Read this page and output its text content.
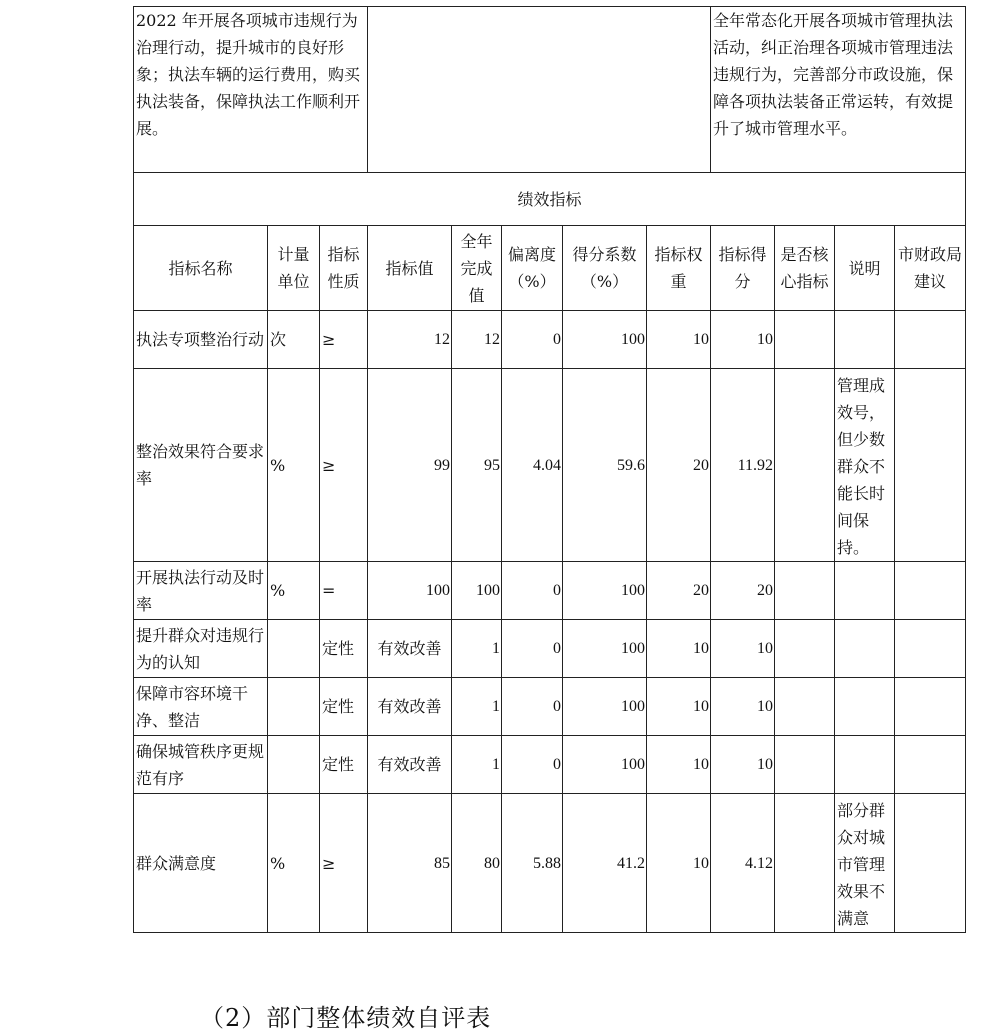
2022 年开展各项城市违规行为治理行动，提升城市的良好形象；执法车辆的运行费用，购买执法装备，保障执法工作顺利开展。								全年常态化开展各项城市管理执法活动，纠正治理各项城市管理违法违规行为，完善部分市政设施，保障各项执法装备正常运转，有效提升了城市管理水平。			
绩效指标											
指标名称	计量单位	指标性质	指标值	全年完成值	偏离度（%）	得分系数（%）	指标权重	指标得分	是否核心指标	说明	市财政局建议
执法专项整治行动	次	≥	12	12	0	100	10	10			
整治效果符合要求率	%	≥	99	95	4.04	59.6	20	11.92		管理成效号，但少数群众不能长时间保持。	
开展执法行动及时率	%	=	100	100	0	100	20	20			
提升群众对违规行为的认知		定性	有效改善	1	0	100	10	10			
保障市容环境干净、整洁		定性	有效改善	1	0	100	10	10			
确保城管秩序更规范有序		定性	有效改善	1	0	100	10	10			
群众满意度	%	≥	85	80	5.88	41.2	10	4.12		部分群众对城市管理效果不满意	
（2）部门整体绩效自评表
